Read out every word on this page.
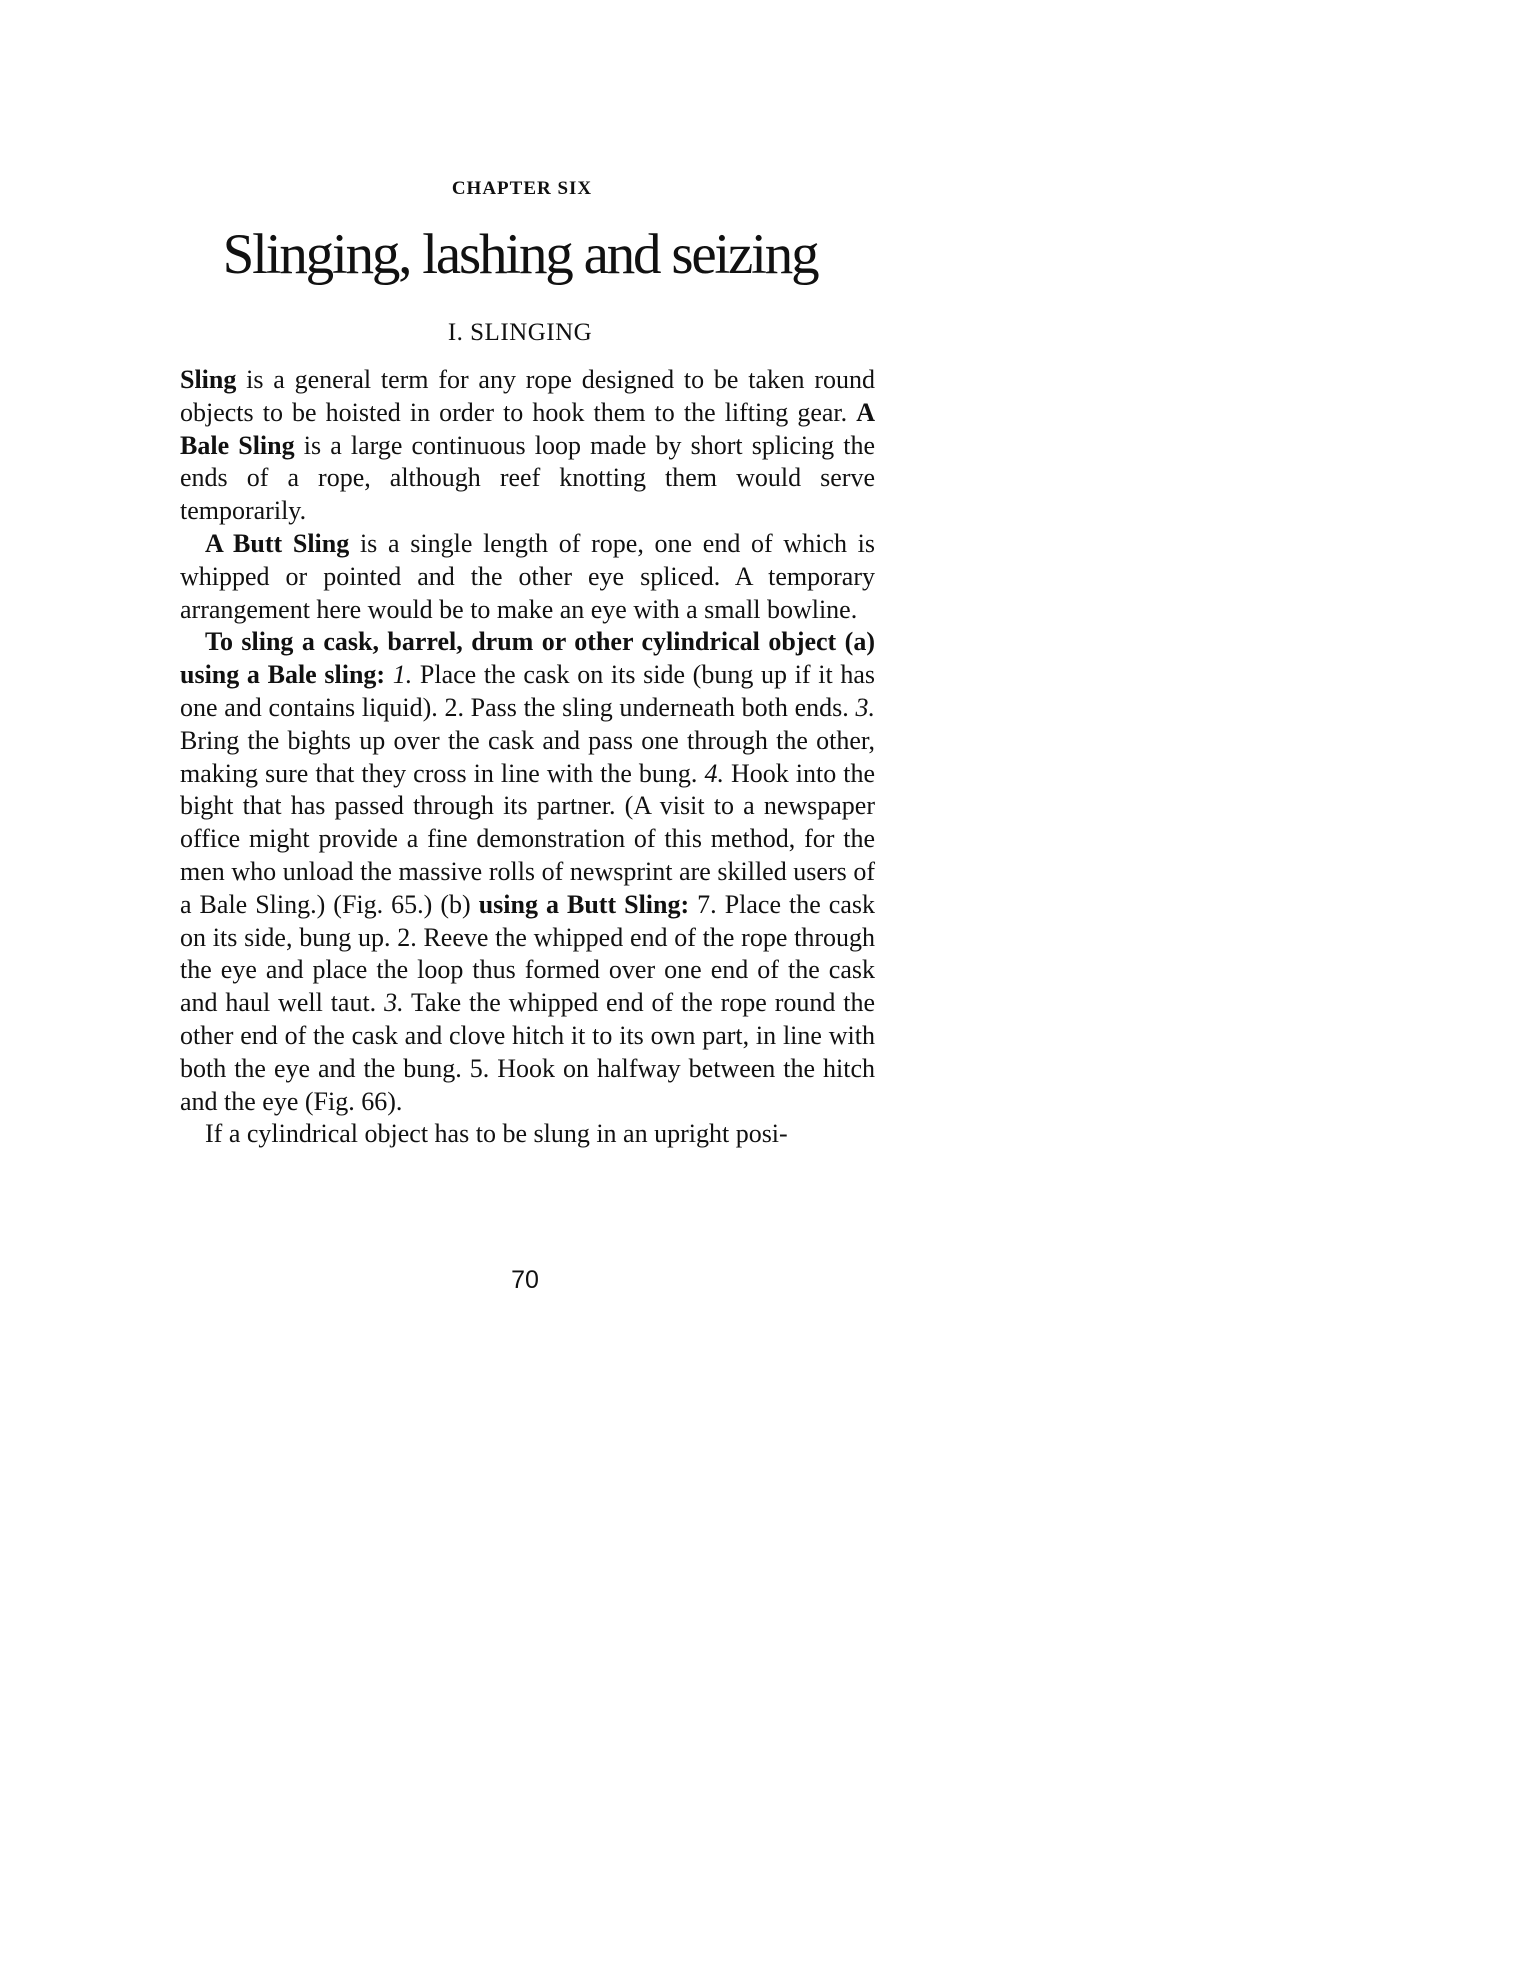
CHAPTER SIX
Slinging, lashing and seizing
I. SLINGING

Sling is a general term for any rope designed to be taken round objects to be hoisted in order to hook them to the lifting gear. A Bale Sling is a large continuous loop made by short splicing the ends of a rope, although reef knotting them would serve temporarily.

A Butt Sling is a single length of rope, one end of which is whipped or pointed and the other eye spliced. A temporary arrangement here would be to make an eye with a small bowline.

To sling a cask, barrel, drum or other cylindrical object (a) using a Bale sling: 1. Place the cask on its side (bung up if it has one and contains liquid). 2. Pass the sling underneath both ends. 3. Bring the bights up over the cask and pass one through the other, making sure that they cross in line with the bung. 4. Hook into the bight that has passed through its partner. (A visit to a newspaper office might provide a fine demonstration of this method, for the men who unload the massive rolls of newsprint are skilled users of a Bale Sling.) (Fig. 65.) (b) using a Butt Sling: 7. Place the cask on its side, bung up. 2. Reeve the whipped end of the rope through the eye and place the loop thus formed over one end of the cask and haul well taut. 3. Take the whipped end of the rope round the other end of the cask and clove hitch it to its own part, in line with both the eye and the bung. 5. Hook on halfway between the hitch and the eye (Fig. 66).

If a cylindrical object has to be slung in an upright posi-

70
